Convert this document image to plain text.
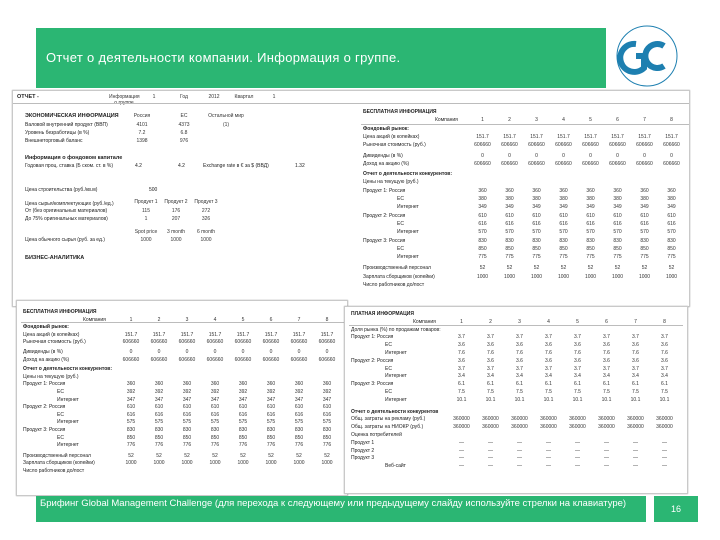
Отчет о деятельности компании. Информация о группе.
ОТЧЕТ -	Информация	1	Год	2012	Квартал	1
ЭКОНОМИЧЕСКАЯ ИНФОРМАЦИЯ	Россия	ЕС	Остальной мир
Валовой внутренний продукт (ВВП)	4101	4373	(1)
Уровень безработицы (в %)	7.2	6.8
Внешнеторговый баланс	1398	976
Информация о фондовом капитале
Годовая проц. ставка (Б ском. ст. в %)	4.2	4.2	Exchange rate в € за $ (ВВД)	1.32
Цена строительства (руб./кв.м)	500
Цена сырья/комплектующих (руб./ед.)	Продукт 1	Продукт 2	Продукт 3
От (без оригинальных материалов)	115	176	272
До 75% оригинальных материалов)	1	207	326
Spot price	3 month	6 month
Цена обычного сырья (руб. за ед.)	1000	1000	1000
БИЗНЕС-АНАЛИТИКА
БЕСПЛАТНАЯ ИНФОРМАЦИЯ
Компания	1	2	3	4	5	6	7	8
Фондовый рынок:
Цена акций (в копейках)	151.7	151.7	151.7	151.7	151.7	151.7	151.7	151.7
Рыночная стоимость (руб.)	606660	606660	606660	606660	606660	606660	606660	606660
Дивиденды (в %)	0	0	0	0	0	0	0	0
Доход на акцию (%)	606660	606660	606660	606660	606660	606660	606660	606660
Отчет о деятельности конкурентов:
Цены на текущую (руб.)
Продукт 1: Россия	360	360	360	360	360	360	360	360
ЕС	380	380	380	380	380	380	380	380
Интернет	349	349	349	349	349	349	349	349
Продукт 2: Россия	610	610	610	610	610	610	610	610
ЕС	616	616	616	616	616	616	616	616
Интернет	570	570	570	570	570	570	570	570
Продукт 3: Россия	830	830	830	830	830	830	830	830
ЕС	850	850	850	850	850	850	850	850
Интернет	775	775	775	775	775	775	775	775
Производственный персонал	52	52	52	52	52	52	52	52
Зарплата сборщиков (копейки)	1000	1000	1000	1000	1000	1000	1000	1000
Число работников до/пост
БЕСПЛАТНАЯ ИНФОРМАЦИЯ
Компания	1	2	3	4	5	6	7	8
Фондовый рынок:
Цена акций (в копейках)	151.7	151.7	151.7	151.7	151.7	151.7	151.7	151.7
Рыночная стоимость (руб.)	606660	606660	606660	606660	606660	606660	606660	606660
Дивиденды (в %)	0	0	0	0	0	0	0	0
Доход на акцию (%)	606660	606660	606660	606660	606660	606660	606660	606660
Отчет о деятельности конкурентов:
Цены на текущую (руб.)
Продукт 1: Россия	360	360	360	360	360	360	360	360
ЕС	392	392	392	392	392	392	392	392
Интернет	347	347	347	347	347	347	347	347
Продукт 2: Россия	610	610	610	610	610	610	610	610
ЕС	616	616	616	616	616	616	616	616
Интернет	575	575	575	575	575	575	575	575
Продукт 3: Россия	830	830	830	830	830	830	830	830
ЕС	850	850	850	850	850	850	850	850
Интернет	776	776	776	776	776	776	776	776
Производственный персонал	52	52	52	52	52	52	52	52
Зарплата сборщиков (копейки)	1000	1000	1000	1000	1000	1000	1000	1000
Число работников до/пост
ПЛАТНАЯ ИНФОРМАЦИЯ
Компания	1	2	3	4	5	6	7	8
Доля рынка (%) по продажам товаров:
Продукт 1: Россия	3.7	3.7	3.7	3.7	3.7	3.7	3.7	3.7
ЕС	3.6	3.6	3.6	3.6	3.6	3.6	3.6	3.6
Интернет	7.6	7.6	7.6	7.6	7.6	7.6	7.6	7.6
Продукт 2: Россия	3.6	3.6	3.6	3.6	3.6	3.6	3.6	3.6
ЕС	3.7	3.7	3.7	3.7	3.7	3.7	3.7	3.7
Интернет	3.4	3.4	3.4	3.4	3.4	3.4	3.4	3.4
Продукт 3: Россия	6.1	6.1	6.1	6.1	6.1	6.1	6.1	6.1
ЕС	7.5	7.5	7.5	7.5	7.5	7.5	7.5	7.5
Интернет	10.1	10.1	10.1	10.1	10.1	10.1	10.1	10.1
Отчет о деятельности конкурентов
Общ. затраты на рекламу (руб.)	360000	360000	360000	360000	360000	360000	360000	360000
Общ. затраты на НИОКР (руб.)	360000	360000	360000	360000	360000	360000	360000	360000
Оценка потребителей
Продукт 1	—	—	—	—	—	—	—	—
Продукт 2	—	—	—	—	—	—	—	—
Продукт 3	—	—	—	—	—	—	—	—
Веб-сайт	—	—	—	—	—	—	—	—
Брифинг Global Management Challenge (для перехода к следующему или предыдущему слайду используйте стрелки на клавиатуре)	16
